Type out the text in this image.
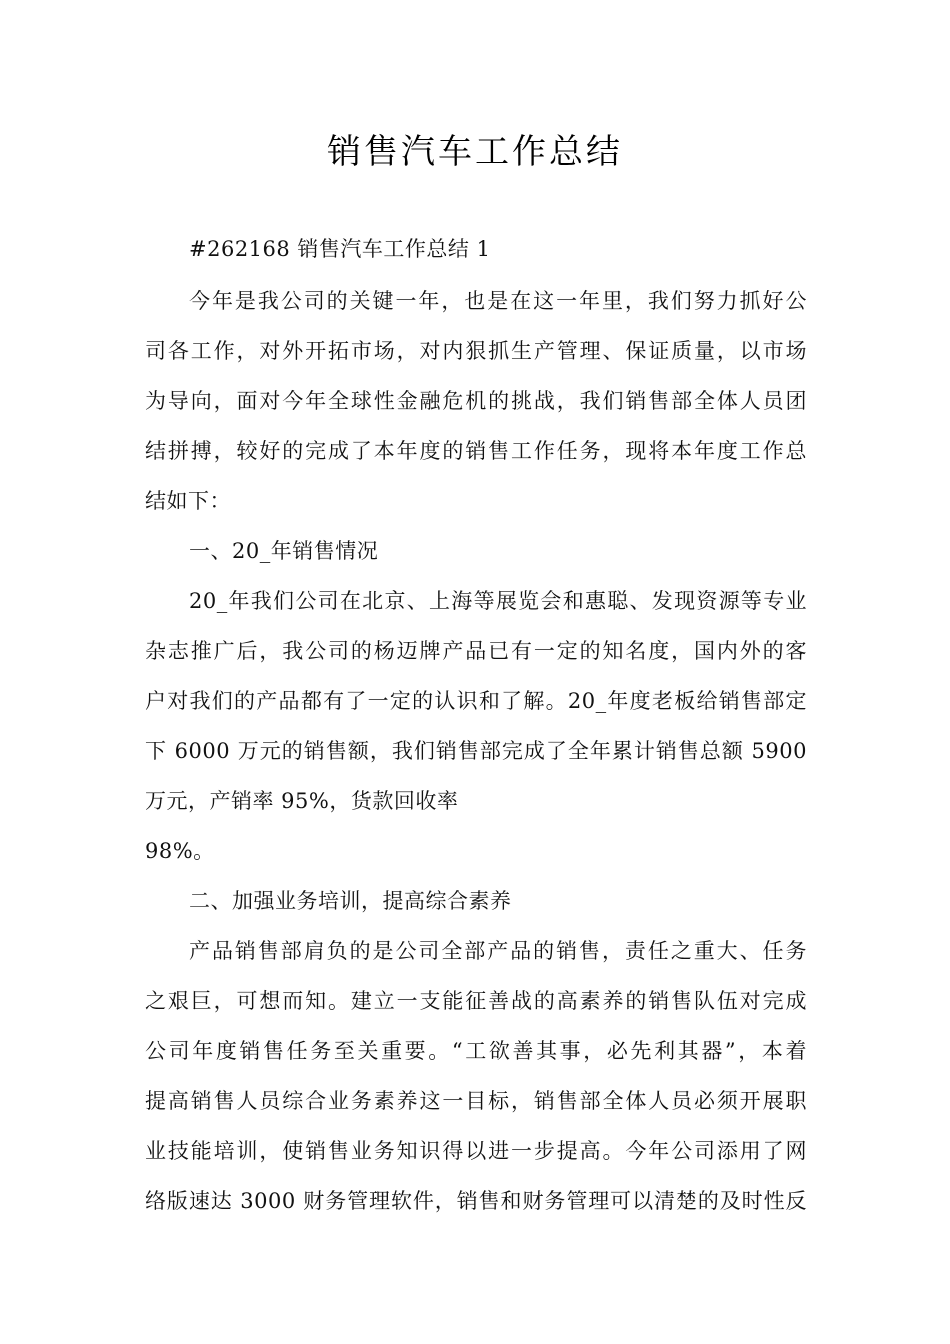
销售汽车工作总结
#262168 销售汽车工作总结 1
今年是我公司的关键一年，也是在这一年里，我们努力抓好公
司各工作，对外开拓市场，对内狠抓生产管理、保证质量，以市场
为导向，面对今年全球性金融危机的挑战，我们销售部全体人员团
结拼搏，较好的完成了本年度的销售工作任务，现将本年度工作总
结如下：
一、20_年销售情况
20_年我们公司在北京、上海等展览会和惠聪、发现资源等专业
杂志推广后，我公司的杨迈牌产品已有一定的知名度，国内外的客
户对我们的产品都有了一定的认识和了解。20_年度老板给销售部定
下 6000 万元的销售额，我们销售部完成了全年累计销售总额 5900
万元，产销率 95%，货款回收率
98%。
二、加强业务培训，提高综合素养
产品销售部肩负的是公司全部产品的销售，责任之重大、任务
之艰巨，可想而知。建立一支能征善战的高素养的销售队伍对完成
公司年度销售任务至关重要。“工欲善其事，必先利其器”，本着
提高销售人员综合业务素养这一目标，销售部全体人员必须开展职
业技能培训，使销售业务知识得以进一步提高。今年公司添用了网
络版速达 3000 财务管理软件，销售和财务管理可以清楚的及时性反
